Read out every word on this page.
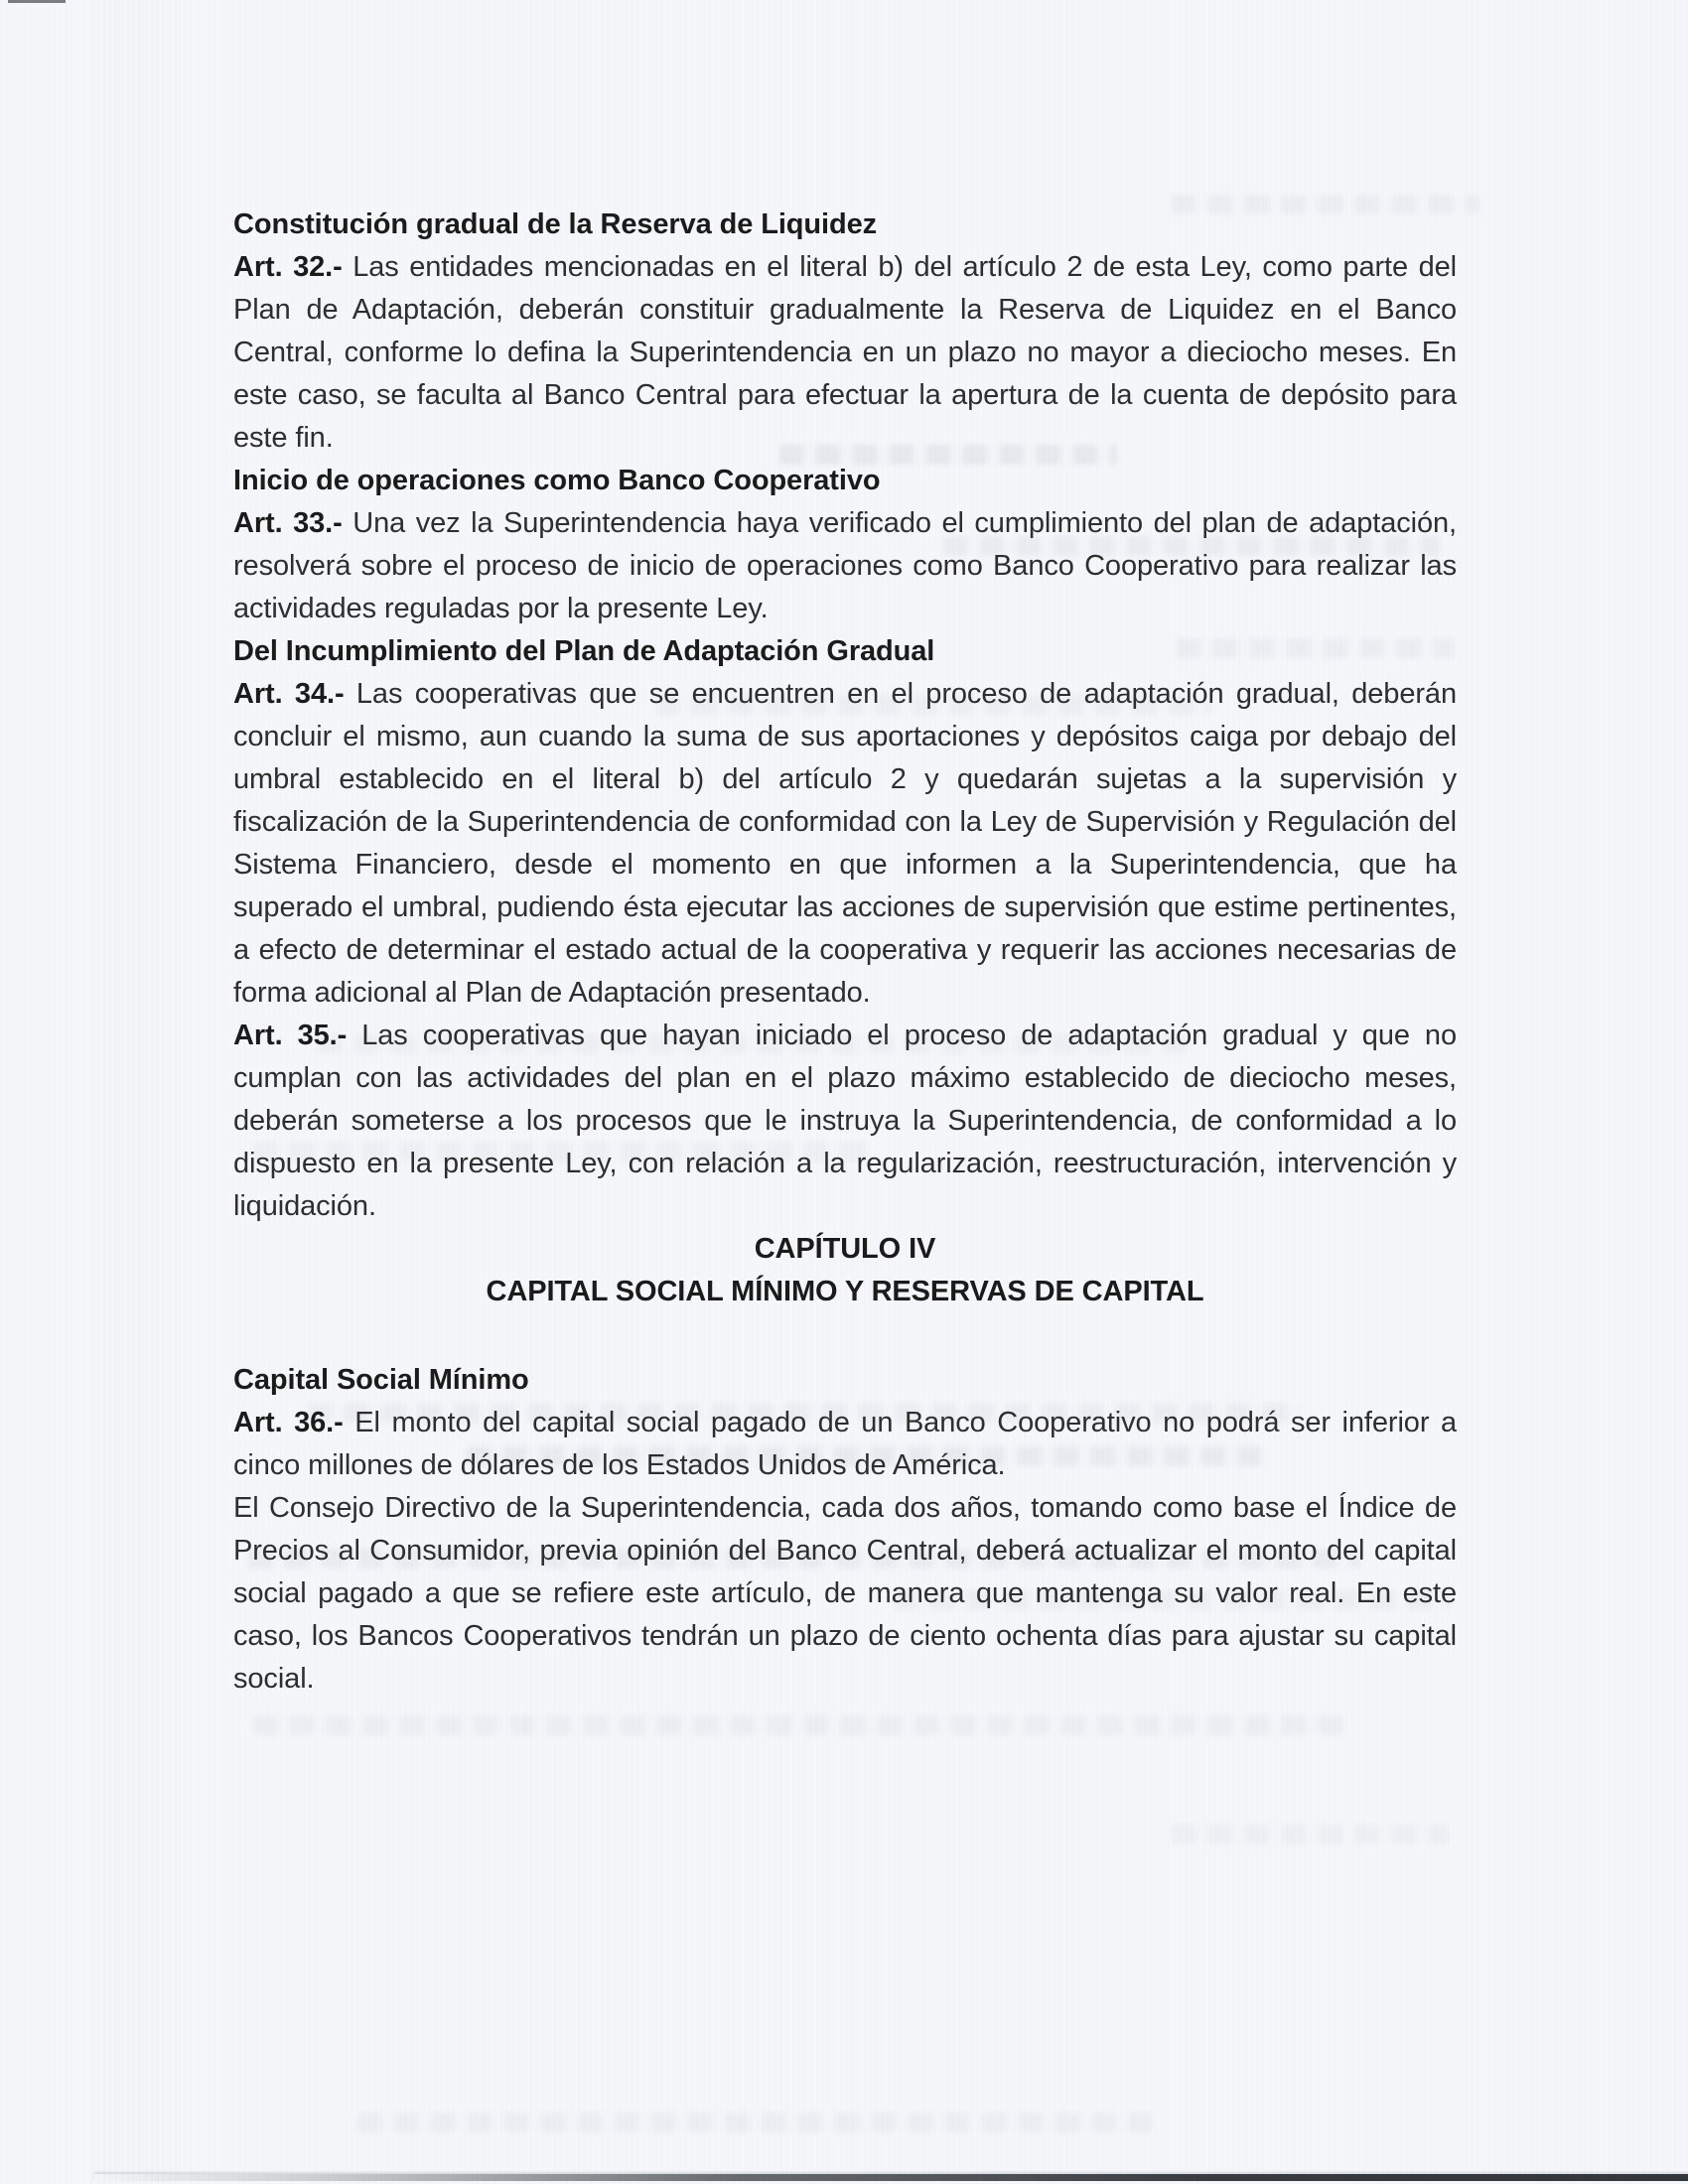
Constitución gradual de la Reserva de Liquidez

Art. 32.- Las entidades mencionadas en el literal b) del artículo 2 de esta Ley, como parte del Plan de Adaptación, deberán constituir gradualmente la Reserva de Liquidez en el Banco Central, conforme lo defina la Superintendencia en un plazo no mayor a dieciocho meses. En este caso, se faculta al Banco Central para efectuar la apertura de la cuenta de depósito para este fin.

Inicio de operaciones como Banco Cooperativo

Art. 33.- Una vez la Superintendencia haya verificado el cumplimiento del plan de adaptación, resolverá sobre el proceso de inicio de operaciones como Banco Cooperativo para realizar las actividades reguladas por la presente Ley.

Del Incumplimiento del Plan de Adaptación Gradual

Art. 34.- Las cooperativas que se encuentren en el proceso de adaptación gradual, deberán concluir el mismo, aun cuando la suma de sus aportaciones y depósitos caiga por debajo del umbral establecido en el literal b) del artículo 2 y quedarán sujetas a la supervisión y fiscalización de la Superintendencia de conformidad con la Ley de Supervisión y Regulación del Sistema Financiero, desde el momento en que informen a la Superintendencia, que ha superado el umbral, pudiendo ésta ejecutar las acciones de supervisión que estime pertinentes, a efecto de determinar el estado actual de la cooperativa y requerir las acciones necesarias de forma adicional al Plan de Adaptación presentado.

Art. 35.- Las cooperativas que hayan iniciado el proceso de adaptación gradual y que no cumplan con las actividades del plan en el plazo máximo establecido de dieciocho meses, deberán someterse a los procesos que le instruya la Superintendencia, de conformidad a lo dispuesto en la presente Ley, con relación a la regularización, reestructuración, intervención y liquidación.

CAPÍTULO IV
CAPITAL SOCIAL MÍNIMO Y RESERVAS DE CAPITAL
Capital Social Mínimo

Art. 36.- El monto del capital social pagado de un Banco Cooperativo no podrá ser inferior a cinco millones de dólares de los Estados Unidos de América.

El Consejo Directivo de la Superintendencia, cada dos años, tomando como base el Índice de Precios al Consumidor, previa opinión del Banco Central, deberá actualizar el monto del capital social pagado a que se refiere este artículo, de manera que mantenga su valor real. En este caso, los Bancos Cooperativos tendrán un plazo de ciento ochenta días para ajustar su capital social.
